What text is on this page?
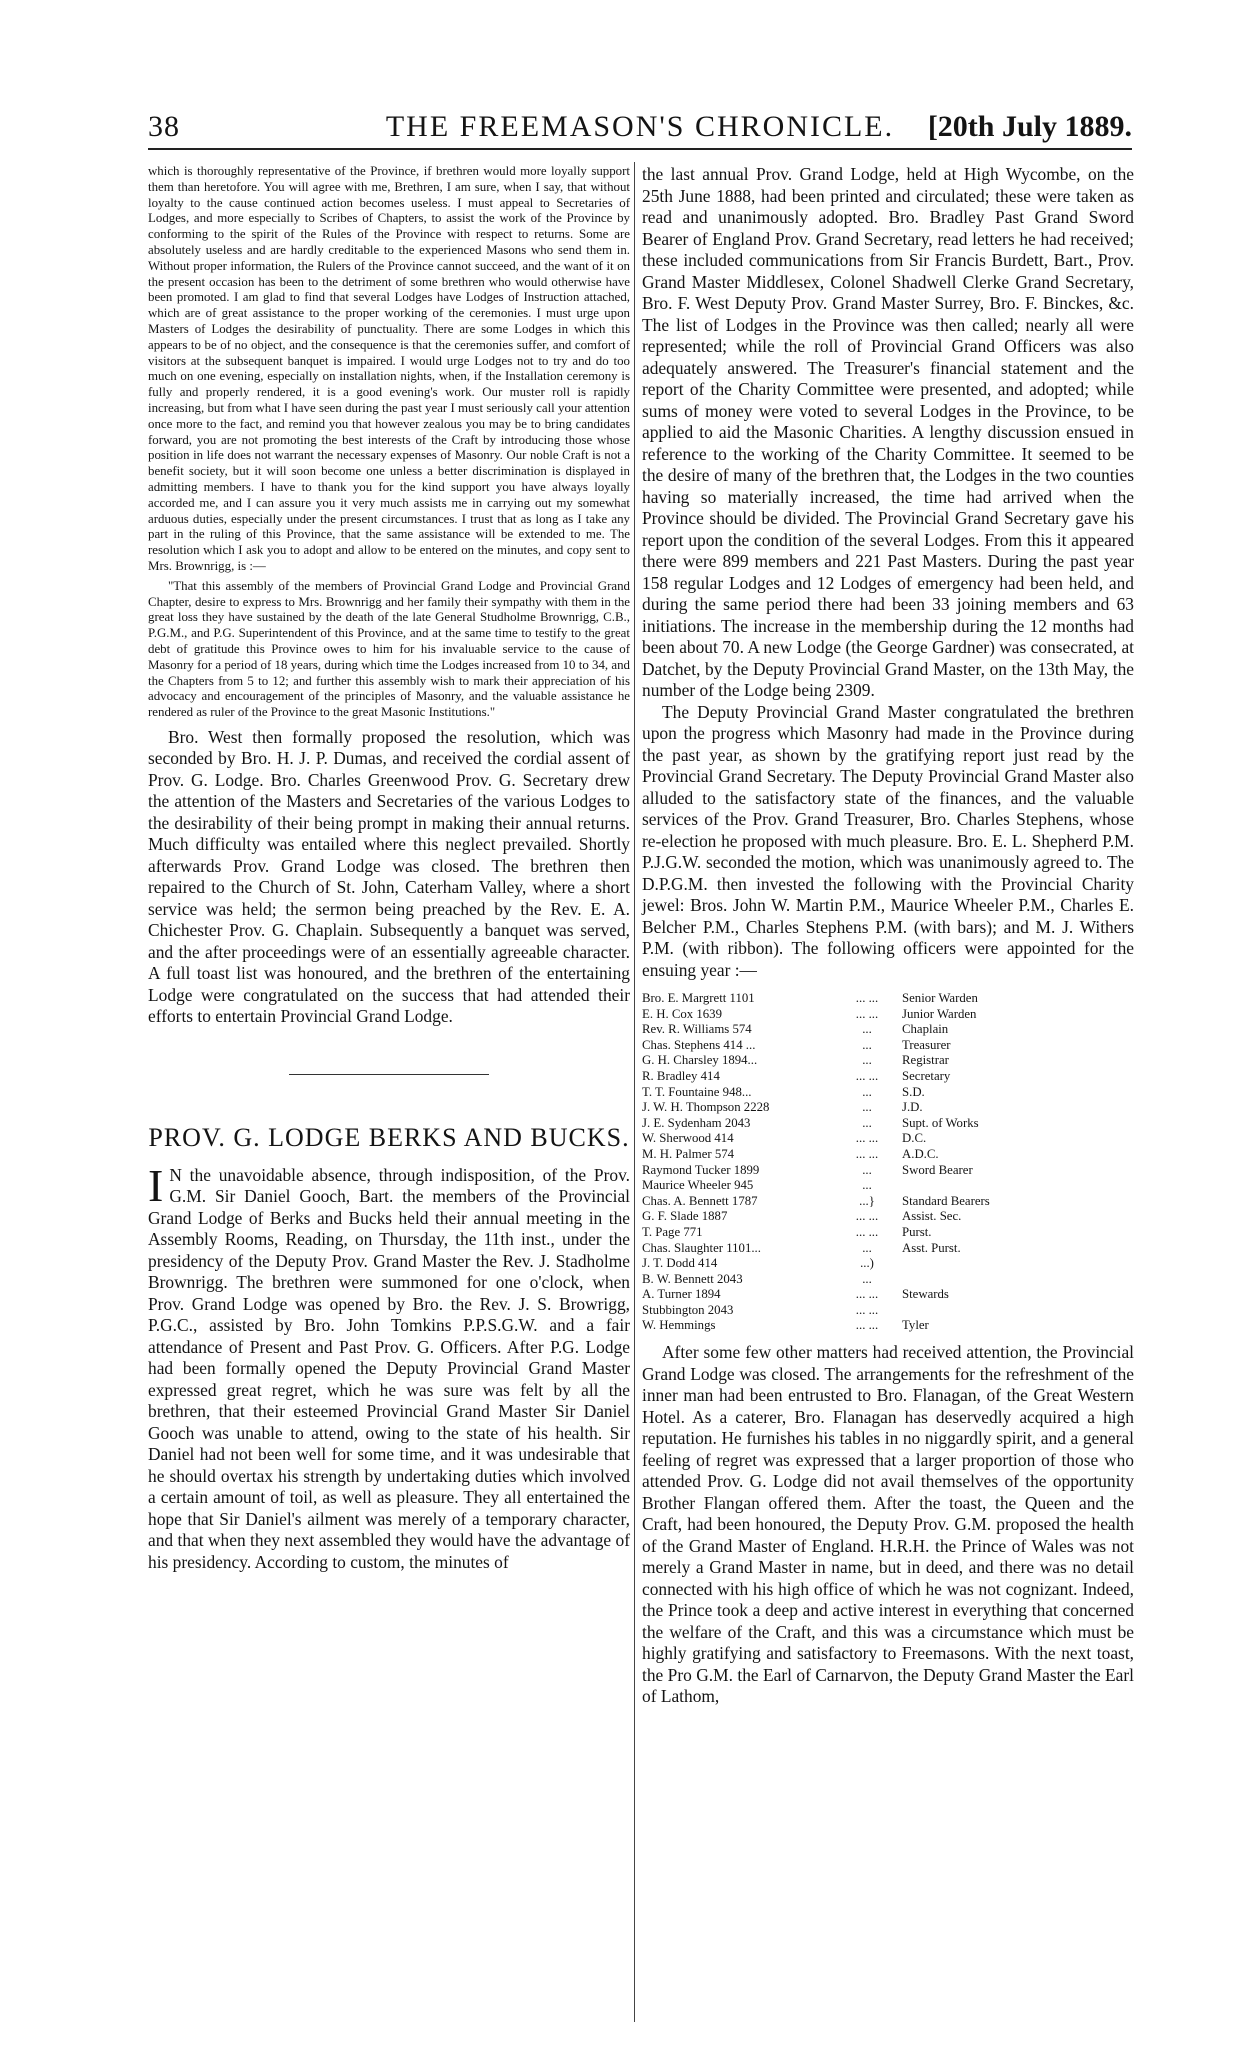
38	THE FREEMASON'S CHRONICLE.	[20th July 1889.

which is thoroughly representative of the Province, if brethren would more loyally support them than heretofore. You will agree with me, Brethren, I am sure, when I say, that without loyalty to the cause continued action becomes useless. I must appeal to Secretaries of Lodges, and more especially to Scribes of Chapters, to assist the work of the Province by conforming to the spirit of the Rules of the Province with respect to returns. Some are absolutely useless and are hardly creditable to the experienced Masons who send them in. Without proper information, the Rulers of the Province cannot succeed, and the want of it on the present occasion has been to the detriment of some brethren who would otherwise have been promoted. I am glad to find that several Lodges have Lodges of Instruction attached, which are of great assistance to the proper working of the ceremonies. I must urge upon Masters of Lodges the desirability of punctuality. There are some Lodges in which this appears to be of no object, and the consequence is that the ceremonies suffer, and comfort of visitors at the subsequent banquet is impaired. I would urge Lodges not to try and do too much on one evening, especially on installation nights, when, if the Installation ceremony is fully and properly rendered, it is a good evening's work. Our muster roll is rapidly increasing, but from what I have seen during the past year I must seriously call your attention once more to the fact, and remind you that however zealous you may be to bring candidates forward, you are not promoting the best interests of the Craft by introducing those whose position in life does not warrant the necessary expenses of Masonry. Our noble Craft is not a benefit society, but it will soon become one unless a better discrimination is displayed in admitting members. I have to thank you for the kind support you have always loyally accorded me, and I can assure you it very much assists me in carrying out my somewhat arduous duties, especially under the present circumstances. I trust that as long as I take any part in the ruling of this Province, that the same assistance will be extended to me. The resolution which I ask you to adopt and allow to be entered on the minutes, and copy sent to Mrs. Brownrigg, is :—

"That this assembly of the members of Provincial Grand Lodge and Provincial Grand Chapter, desire to express to Mrs. Brownrigg and her family their sympathy with them in the great loss they have sustained by the death of the late General Studholme Brownrigg, C.B., P.G.M., and P.G. Superintendent of this Province, and at the same time to testify to the great debt of gratitude this Province owes to him for his invaluable service to the cause of Masonry for a period of 18 years, during which time the Lodges increased from 10 to 34, and the Chapters from 5 to 12; and further this assembly wish to mark their appreciation of his advocacy and encouragement of the principles of Masonry, and the valuable assistance he rendered as ruler of the Province to the great Masonic Institutions."

Bro. West then formally proposed the resolution, which was seconded by Bro. H. J. P. Dumas, and received the cordial assent of Prov. G. Lodge. Bro. Charles Greenwood Prov. G. Secretary drew the attention of the Masters and Secretaries of the various Lodges to the desirability of their being prompt in making their annual returns. Much difficulty was entailed where this neglect prevailed. Shortly afterwards Prov. Grand Lodge was closed. The brethren then repaired to the Church of St. John, Caterham Valley, where a short service was held; the sermon being preached by the Rev. E. A. Chichester Prov. G. Chaplain. Subsequently a banquet was served, and the after proceedings were of an essentially agreeable character. A full toast list was honoured, and the brethren of the entertaining Lodge were congratulated on the success that had attended their efforts to entertain Provincial Grand Lodge.

PROV. G. LODGE BERKS AND BUCKS.

I N the unavoidable absence, through indisposition, of the Prov. G.M. Sir Daniel Gooch, Bart. the members of the Provincial Grand Lodge of Berks and Bucks held their annual meeting in the Assembly Rooms, Reading, on Thursday, the 11th inst., under the presidency of the Deputy Prov. Grand Master the Rev. J. Stadholme Brownrigg. The brethren were summoned for one o'clock, when Prov. Grand Lodge was opened by Bro. the Rev. J. S. Browrigg, P.G.C., assisted by Bro. John Tomkins P.P.S.G.W. and a fair attendance of Present and Past Prov. G. Officers. After P.G. Lodge had been formally opened the Deputy Provincial Grand Master expressed great regret, which he was sure was felt by all the brethren, that their esteemed Provincial Grand Master Sir Daniel Gooch was unable to attend, owing to the state of his health. Sir Daniel had not been well for some time, and it was undesirable that he should overtax his strength by undertaking duties which involved a certain amount of toil, as well as pleasure. They all entertained the hope that Sir Daniel's ailment was merely of a temporary character, and that when they next assembled they would have the advantage of his presidency. According to custom, the minutes of

the last annual Prov. Grand Lodge, held at High Wycombe, on the 25th June 1888, had been printed and circulated; these were taken as read and unanimously adopted. Bro. Bradley Past Grand Sword Bearer of England Prov. Grand Secretary, read letters he had received; these included communications from Sir Francis Burdett, Bart., Prov. Grand Master Middlesex, Colonel Shadwell Clerke Grand Secretary, Bro. F. West Deputy Prov. Grand Master Surrey, Bro. F. Binckes, &c. The list of Lodges in the Province was then called; nearly all were represented; while the roll of Provincial Grand Officers was also adequately answered. The Treasurer's financial statement and the report of the Charity Committee were presented, and adopted; while sums of money were voted to several Lodges in the Province, to be applied to aid the Masonic Charities. A lengthy discussion ensued in reference to the working of the Charity Committee. It seemed to be the desire of many of the brethren that, the Lodges in the two counties having so materially increased, the time had arrived when the Province should be divided. The Provincial Grand Secretary gave his report upon the condition of the several Lodges. From this it appeared there were 899 members and 221 Past Masters. During the past year 158 regular Lodges and 12 Lodges of emergency had been held, and during the same period there had been 33 joining members and 63 initiations. The increase in the membership during the 12 months had been about 70. A new Lodge (the George Gardner) was consecrated, at Datchet, by the Deputy Provincial Grand Master, on the 13th May, the number of the Lodge being 2309.

The Deputy Provincial Grand Master congratulated the brethren upon the progress which Masonry had made in the Province during the past year, as shown by the gratifying report just read by the Provincial Grand Secretary. The Deputy Provincial Grand Master also alluded to the satisfactory state of the finances, and the valuable services of the Prov. Grand Treasurer, Bro. Charles Stephens, whose re-election he proposed with much pleasure. Bro. E. L. Shepherd P.M. P.J.G.W. seconded the motion, which was unanimously agreed to. The D.P.G.M. then invested the following with the Provincial Charity jewel: Bros. John W. Martin P.M., Maurice Wheeler P.M., Charles E. Belcher P.M., Charles Stephens P.M. (with bars); and M. J. Withers P.M. (with ribbon). The following officers were appointed for the ensuing year :—

Bro. E. Margrett 1101	... ...	Senior Warden
E. H. Cox 1639	... ...	Junior Warden
Rev. R. Williams 574	...	Chaplain
Chas. Stephens 414 ...	...	Treasurer
G. H. Charsley 1894...	...	Registrar
R. Bradley 414	... ...	Secretary
T. T. Fountaine 948...	...	S.D.
J. W. H. Thompson 2228	...	J.D.
J. E. Sydenham 2043	...	Supt. of Works
W. Sherwood 414	... ...	D.C.
M. H. Palmer 574	... ...	A.D.C.
Raymond Tucker 1899	...	Sword Bearer
Maurice Wheeler 945	...
Chas. A. Bennett 1787	...}	Standard Bearers
G. F. Slade 1887	... ...	Assist. Sec.
T. Page 771	... ...	Purst.
Chas. Slaughter 1101...	...	Asst. Purst.
J. T. Dodd 414	...)
B. W. Bennett 2043	...
A. Turner 1894	... ...	Stewards
Stubbington 2043	... ...
W. Hemmings	... ...	Tyler

After some few other matters had received attention, the Provincial Grand Lodge was closed. The arrangements for the refreshment of the inner man had been entrusted to Bro. Flanagan, of the Great Western Hotel. As a caterer, Bro. Flanagan has deservedly acquired a high reputation. He furnishes his tables in no niggardly spirit, and a general feeling of regret was expressed that a larger proportion of those who attended Prov. G. Lodge did not avail themselves of the opportunity Brother Flangan offered them. After the toast, the Queen and the Craft, had been honoured, the Deputy Prov. G.M. proposed the health of the Grand Master of England. H.R.H. the Prince of Wales was not merely a Grand Master in name, but in deed, and there was no detail connected with his high office of which he was not cognizant. Indeed, the Prince took a deep and active interest in everything that concerned the welfare of the Craft, and this was a circumstance which must be highly gratifying and satisfactory to Freemasons. With the next toast, the Pro G.M. the Earl of Carnarvon, the Deputy Grand Master the Earl of Lathom,
